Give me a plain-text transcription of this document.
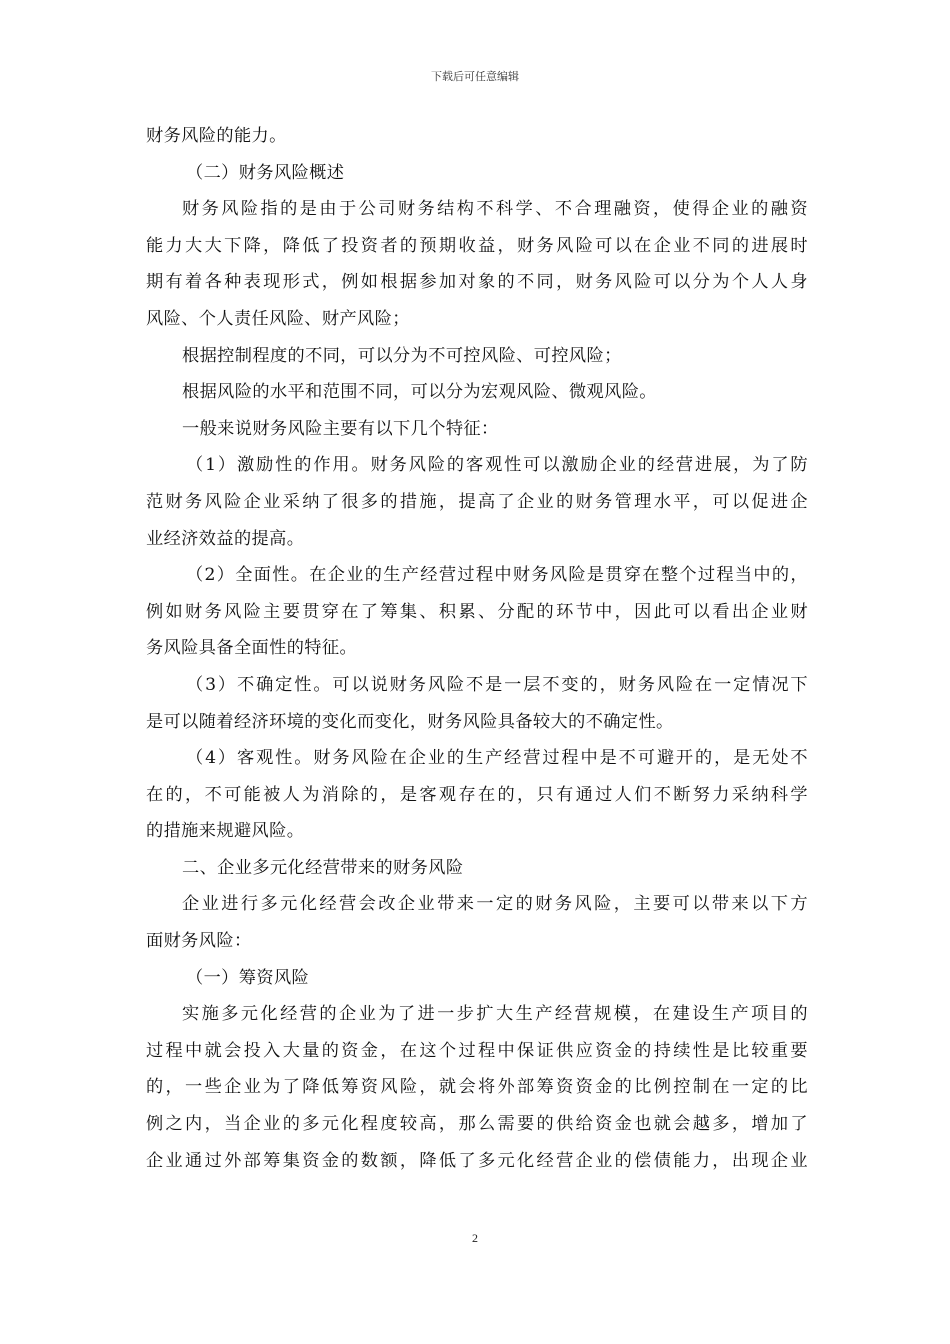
下载后可任意编辑
财务风险的能力。
（二）财务风险概述
财务风险指的是由于公司财务结构不科学、不合理融资，使得企业的融资
能力大大下降，降低了投资者的预期收益，财务风险可以在企业不同的进展时
期有着各种表现形式，例如根据参加对象的不同，财务风险可以分为个人人身
风险、个人责任风险、财产风险；
根据控制程度的不同，可以分为不可控风险、可控风险；
根据风险的水平和范围不同，可以分为宏观风险、微观风险。
一般来说财务风险主要有以下几个特征：
（1）激励性的作用。财务风险的客观性可以激励企业的经营进展，为了防
范财务风险企业采纳了很多的措施，提高了企业的财务管理水平，可以促进企
业经济效益的提高。
（2）全面性。在企业的生产经营过程中财务风险是贯穿在整个过程当中的，
例如财务风险主要贯穿在了筹集、积累、分配的环节中，因此可以看出企业财
务风险具备全面性的特征。
（3）不确定性。可以说财务风险不是一层不变的，财务风险在一定情况下
是可以随着经济环境的变化而变化，财务风险具备较大的不确定性。
（4）客观性。财务风险在企业的生产经营过程中是不可避开的，是无处不
在的，不可能被人为消除的，是客观存在的，只有通过人们不断努力采纳科学
的措施来规避风险。
二、企业多元化经营带来的财务风险
企业进行多元化经营会改企业带来一定的财务风险，主要可以带来以下方
面财务风险：
（一）筹资风险
实施多元化经营的企业为了进一步扩大生产经营规模，在建设生产项目的
过程中就会投入大量的资金，在这个过程中保证供应资金的持续性是比较重要
的，一些企业为了降低筹资风险，就会将外部筹资资金的比例控制在一定的比
例之内，当企业的多元化程度较高，那么需要的供给资金也就会越多，增加了
企业通过外部筹集资金的数额，降低了多元化经营企业的偿债能力，出现企业
2
